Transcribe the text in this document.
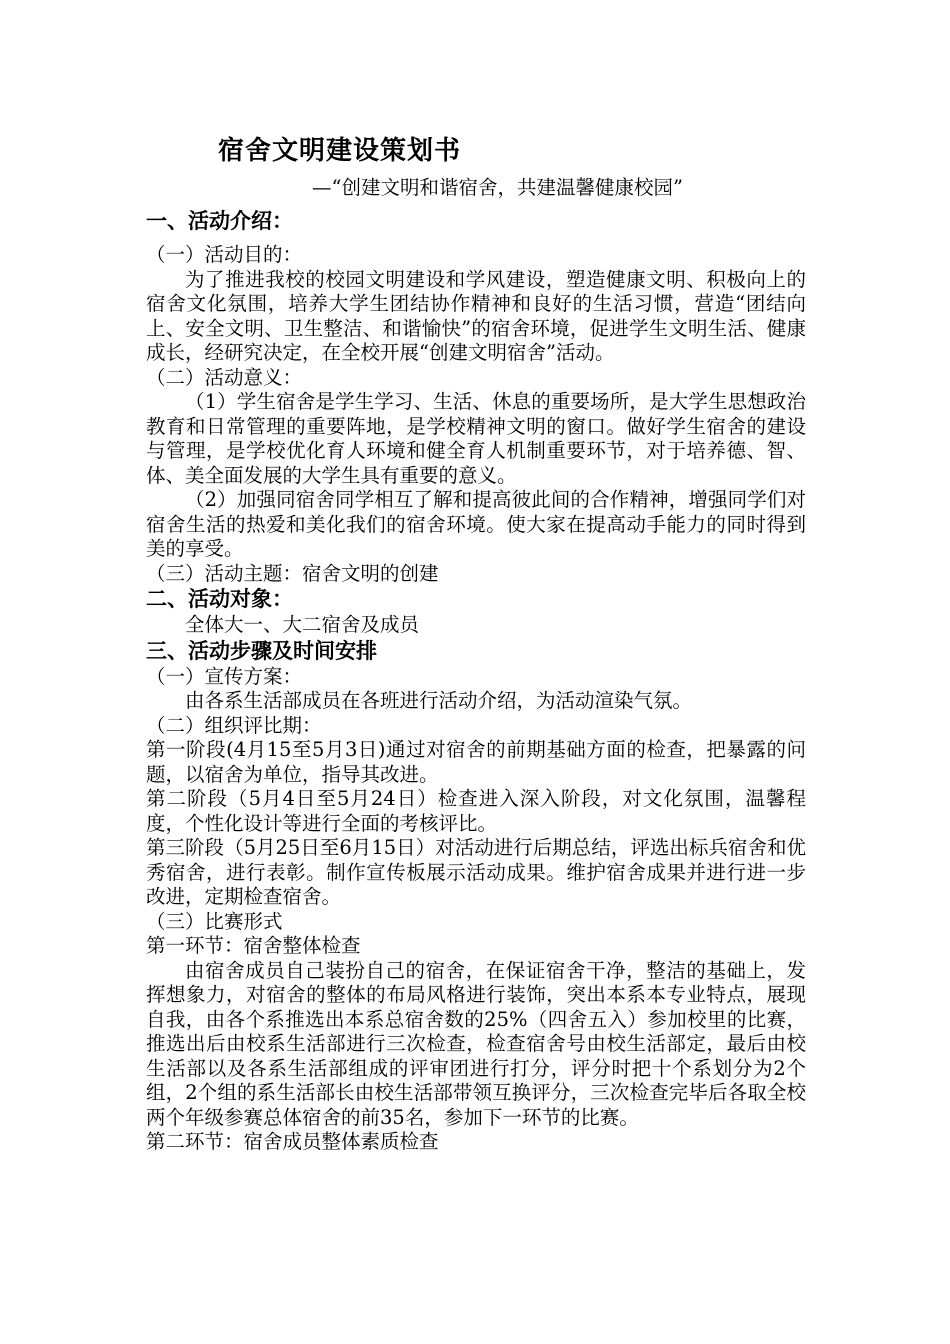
宿舍文明建设策划书
—“创建文明和谐宿舍，共建温馨健康校园”
一、活动介绍：
（一）活动目的：

为了推进我校的校园文明建设和学风建设，塑造健康文明、积极向上的宿舍文化氛围，培养大学生团结协作精神和良好的生活习惯，营造“团结向上、安全文明、卫生整洁、和谐愉快”的宿舍环境，促进学生文明生活、健康成长，经研究决定，在全校开展“创建文明宿舍”活动。

（二）活动意义：

（1）学生宿舍是学生学习、生活、休息的重要场所，是大学生思想政治教育和日常管理的重要阵地，是学校精神文明的窗口。做好学生宿舍的建设与管理，是学校优化育人环境和健全育人机制重要环节，对于培养德、智、体、美全面发展的大学生具有重要的意义。

（2）加强同宿舍同学相互了解和提高彼此间的合作精神，增强同学们对宿舍生活的热爱和美化我们的宿舍环境。使大家在提高动手能力的同时得到美的享受。

（三）活动主题：宿舍文明的创建
二、活动对象：
全体大一、大二宿舍及成员
三、活动步骤及时间安排
（一）宣传方案：
由各系生活部成员在各班进行活动介绍，为活动渲染气氛。
（二）组织评比期：

第一阶段(4月15至5月3日)通过对宿舍的前期基础方面的检查，把暴露的问题，以宿舍为单位，指导其改进。

第二阶段（5月4日至5月24日）检查进入深入阶段，对文化氛围，温馨程度，个性化设计等进行全面的考核评比。

第三阶段（5月25日至6月15日）对活动进行后期总结，评选出标兵宿舍和优秀宿舍，进行表彰。制作宣传板展示活动成果。维护宿舍成果并进行进一步改进，定期检查宿舍。

（三）比赛形式
第一环节：宿舍整体检查

由宿舍成员自己装扮自己的宿舍，在保证宿舍干净，整洁的基础上，发挥想象力，对宿舍的整体的布局风格进行装饰，突出本系本专业特点，展现自我，由各个系推选出本系总宿舍数的25%（四舍五入）参加校里的比赛，推选出后由校系生活部进行三次检查，检查宿舍号由校生活部定，最后由校生活部以及各系生活部组成的评审团进行打分，评分时把十个系划分为2个组，2个组的系生活部长由校生活部带领互换评分，三次检查完毕后各取全校两个年级参赛总体宿舍的前35名，参加下一环节的比赛。

第二环节：宿舍成员整体素质检查
